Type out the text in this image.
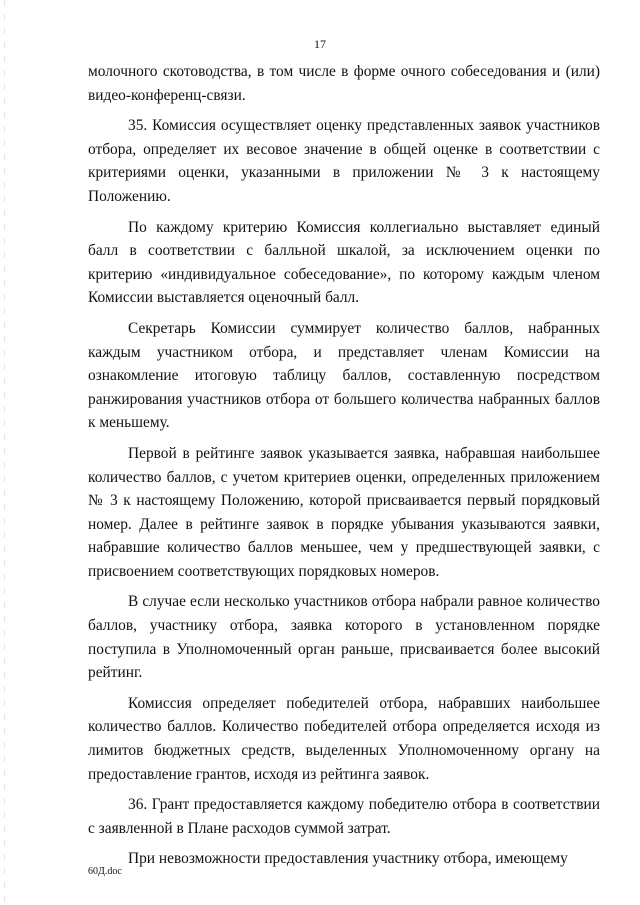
17

молочного скотоводства, в том числе в форме очного собеседования и (или) видео-конференц-связи.

35. Комиссия осуществляет оценку представленных заявок участников отбора, определяет их весовое значение в общей оценке в соответствии с критериями оценки, указанными в приложении № 3 к настоящему Положению.

По каждому критерию Комиссия коллегиально выставляет единый балл в соответствии с балльной шкалой, за исключением оценки по критерию «индивидуальное собеседование», по которому каждым членом Комиссии выставляется оценочный балл.

Секретарь Комиссии суммирует количество баллов, набранных каждым участником отбора, и представляет членам Комиссии на ознакомление итоговую таблицу баллов, составленную посредством ранжирования участников отбора от большего количества набранных баллов к меньшему.

Первой в рейтинге заявок указывается заявка, набравшая наибольшее количество баллов, с учетом критериев оценки, определенных приложением № 3 к настоящему Положению, которой присваивается первый порядковый номер. Далее в рейтинге заявок в порядке убывания указываются заявки, набравшие количество баллов меньшее, чем у предшествующей заявки, с присвоением соответствующих порядковых номеров.

В случае если несколько участников отбора набрали равное количество баллов, участнику отбора, заявка которого в установленном порядке поступила в Уполномоченный орган раньше, присваивается более высокий рейтинг.

Комиссия определяет победителей отбора, набравших наибольшее количество баллов. Количество победителей отбора определяется исходя из лимитов бюджетных средств, выделенных Уполномоченному органу на предоставление грантов, исходя из рейтинга заявок.

36. Грант предоставляется каждому победителю отбора в соответствии с заявленной в Плане расходов суммой затрат.

При невозможности предоставления участнику отбора, имеющему

60Д.doc
